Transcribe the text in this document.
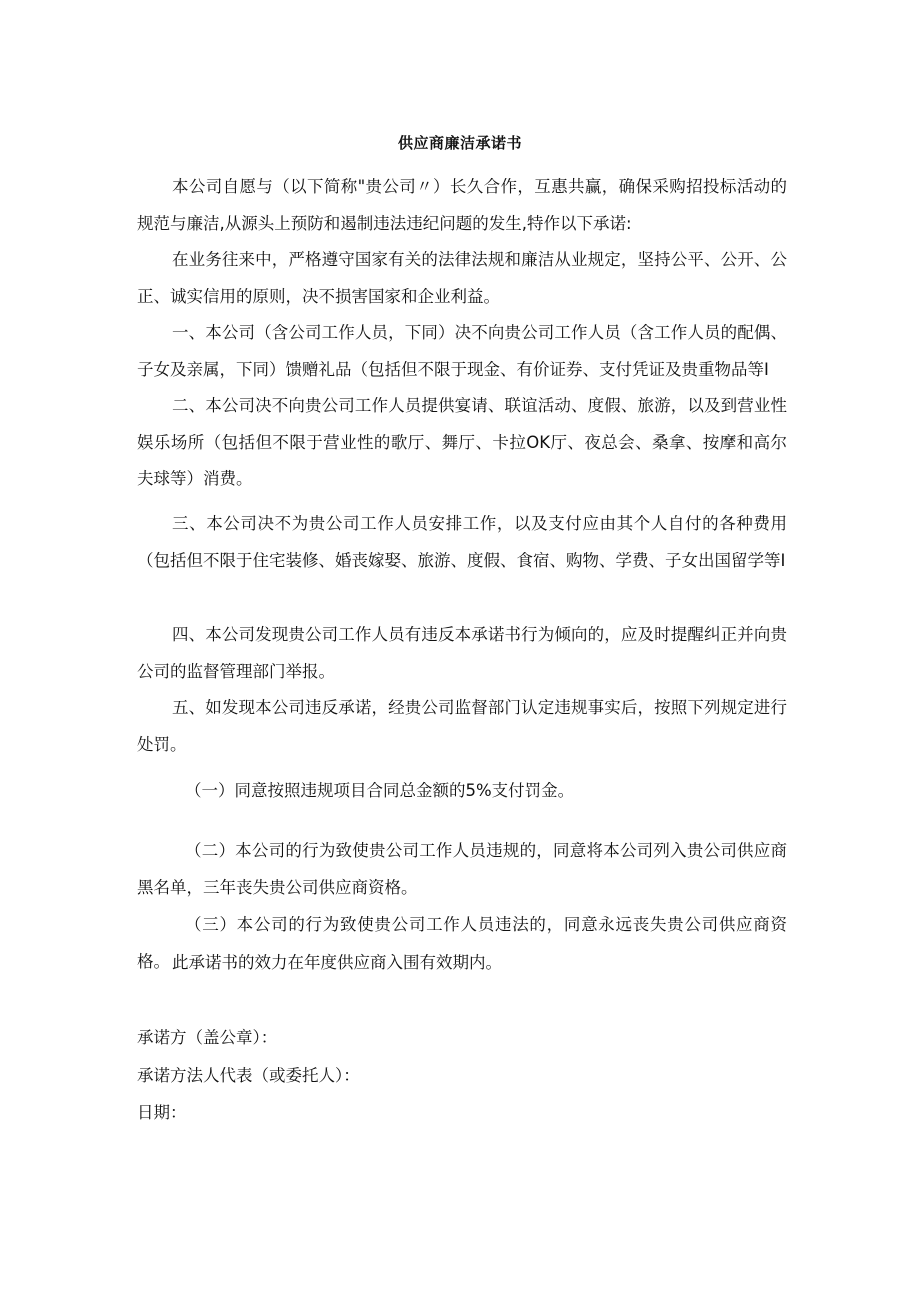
供应商廉洁承诺书

本公司自愿与（以下简称"贵公司〃）长久合作，互惠共赢，确保采购招投标活动的规范与廉洁,从源头上预防和遏制违法违纪问题的发生,特作以下承诺:

在业务往来中，严格遵守国家有关的法律法规和廉洁从业规定，坚持公平、公开、公正、诚实信用的原则，决不损害国家和企业利益。

一、本公司（含公司工作人员，下同）决不向贵公司工作人员（含工作人员的配偶、子女及亲属，下同）馈赠礼品（包括但不限于现金、有价证券、支付凭证及贵重物品等I

二、本公司决不向贵公司工作人员提供宴请、联谊活动、度假、旅游，以及到营业性娱乐场所（包括但不限于营业性的歌厅、舞厅、卡拉OK厅、夜总会、桑拿、按摩和高尔夫球等）消费。

三、本公司决不为贵公司工作人员安排工作，以及支付应由其个人自付的各种费用（包括但不限于住宅装修、婚丧嫁娶、旅游、度假、食宿、购物、学费、子女出国留学等I

四、本公司发现贵公司工作人员有违反本承诺书行为倾向的，应及时提醒纠正并向贵公司的监督管理部门举报。

五、如发现本公司违反承诺，经贵公司监督部门认定违规事实后，按照下列规定进行处罚。

（一）同意按照违规项目合同总金额的5%支付罚金。

（二）本公司的行为致使贵公司工作人员违规的，同意将本公司列入贵公司供应商黑名单，三年丧失贵公司供应商资格。

（三）本公司的行为致使贵公司工作人员违法的，同意永远丧失贵公司供应商资格。 此承诺书的效力在年度供应商入围有效期内。

承诺方（盖公章）：

承诺方法人代表（或委托人）：

日期：
